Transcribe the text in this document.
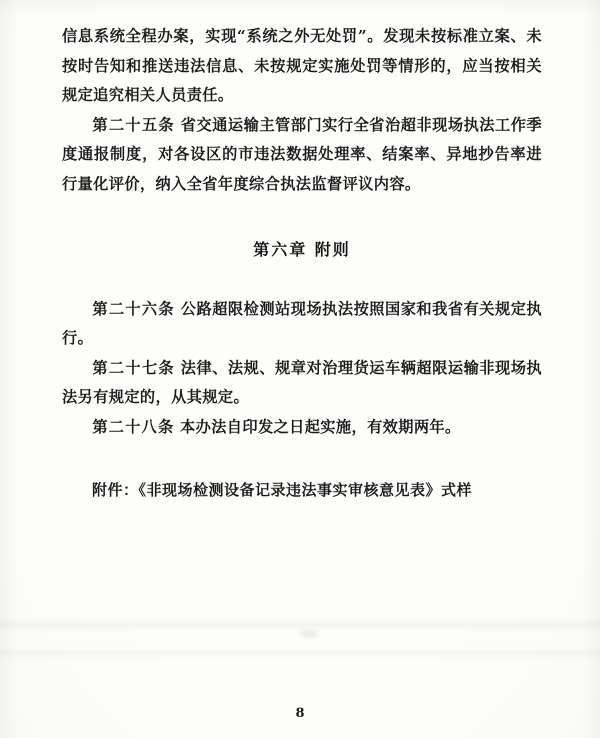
信息系统全程办案，实现“系统之外无处罚”。发现未按标准立案、未按时告知和推送违法信息、未按规定实施处罚等情形的，应当按相关规定追究相关人员责任。

第二十五条 省交通运输主管部门实行全省治超非现场执法工作季度通报制度，对各设区的市违法数据处理率、结案率、异地抄告率进行量化评价，纳入全省年度综合执法监督评议内容。

第六章 附则

第二十六条 公路超限检测站现场执法按照国家和我省有关规定执行。

第二十七条 法律、法规、规章对治理货运车辆超限运输非现场执法另有规定的，从其规定。

第二十八条 本办法自印发之日起实施，有效期两年。

附件：《非现场检测设备记录违法事实审核意见表》式样
8
